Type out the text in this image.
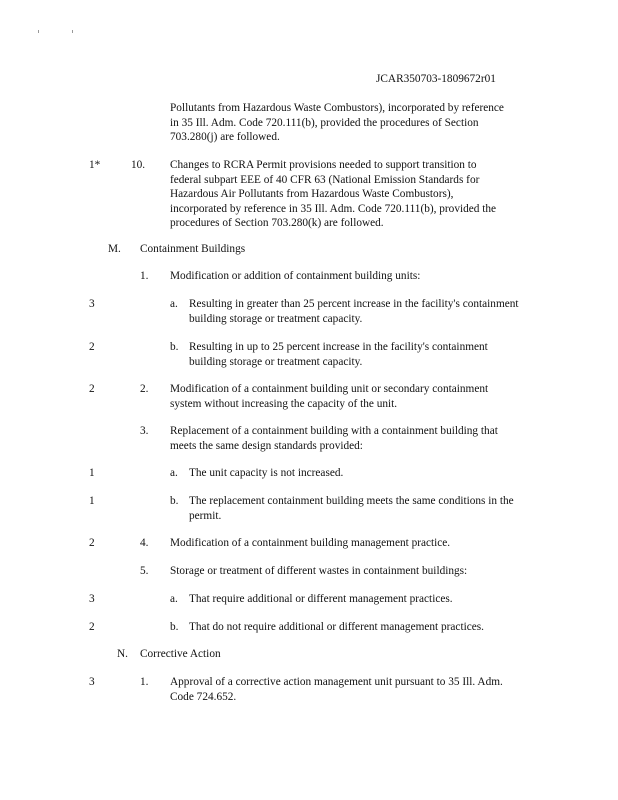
JCAR350703-1809672r01

Pollutants from Hazardous Waste Combustors), incorporated by reference in 35 Ill. Adm. Code 720.111(b), provided the procedures of Section 703.280(j) are followed.

1*	10. Changes to RCRA Permit provisions needed to support transition to federal subpart EEE of 40 CFR 63 (National Emission Standards for Hazardous Air Pollutants from Hazardous Waste Combustors), incorporated by reference in 35 Ill. Adm. Code 720.111(b), provided the procedures of Section 703.280(k) are followed.

M. Containment Buildings

1. Modification or addition of containment building units:

3	a. Resulting in greater than 25 percent increase in the facility's containment building storage or treatment capacity.

2	b. Resulting in up to 25 percent increase in the facility's containment building storage or treatment capacity.

2	2. Modification of a containment building unit or secondary containment system without increasing the capacity of the unit.

3. Replacement of a containment building with a containment building that meets the same design standards provided:

1	a. The unit capacity is not increased.

1	b. The replacement containment building meets the same conditions in the permit.

2	4. Modification of a containment building management practice.

5. Storage or treatment of different wastes in containment buildings:

3	a. That require additional or different management practices.

2	b. That do not require additional or different management practices.

N. Corrective Action

3	1. Approval of a corrective action management unit pursuant to 35 Ill. Adm. Code 724.652.
